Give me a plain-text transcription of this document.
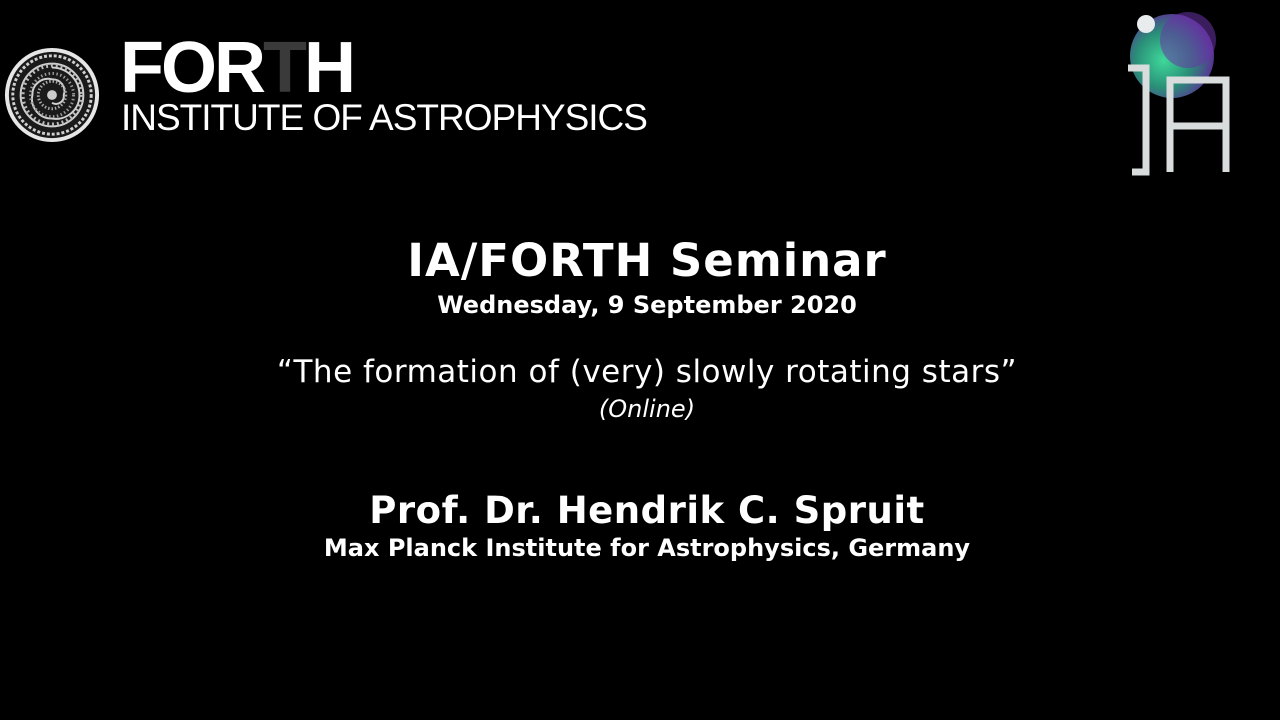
FORTH
INSTITUTE OF ASTROPHYSICS
IA/FORTH Seminar
Wednesday, 9 September 2020
“The formation of (very) slowly rotating stars”
(Online)
Prof. Dr. Hendrik C. Spruit
Max Planck Institute for Astrophysics, Germany
